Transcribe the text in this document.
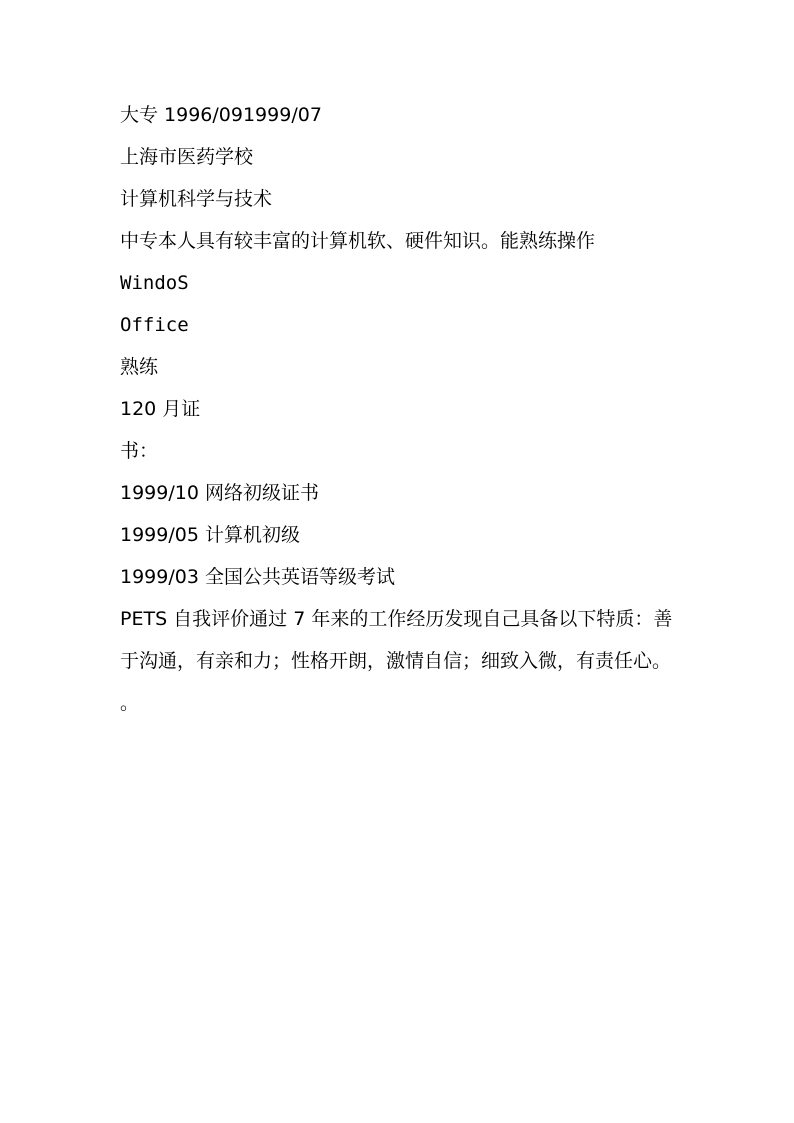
大专 1996/091999/07
上海市医药学校
计算机科学与技术
中专本人具有较丰富的计算机软、硬件知识。能熟练操作
WindoS
Office
熟练
120 月证
书：
1999/10 网络初级证书
1999/05 计算机初级
1999/03 全国公共英语等级考试
PETS 自我评价通过 7 年来的工作经历发现自己具备以下特质：善于沟通，有亲和力；性格开朗，激情自信；细致入微，有责任心。
。
